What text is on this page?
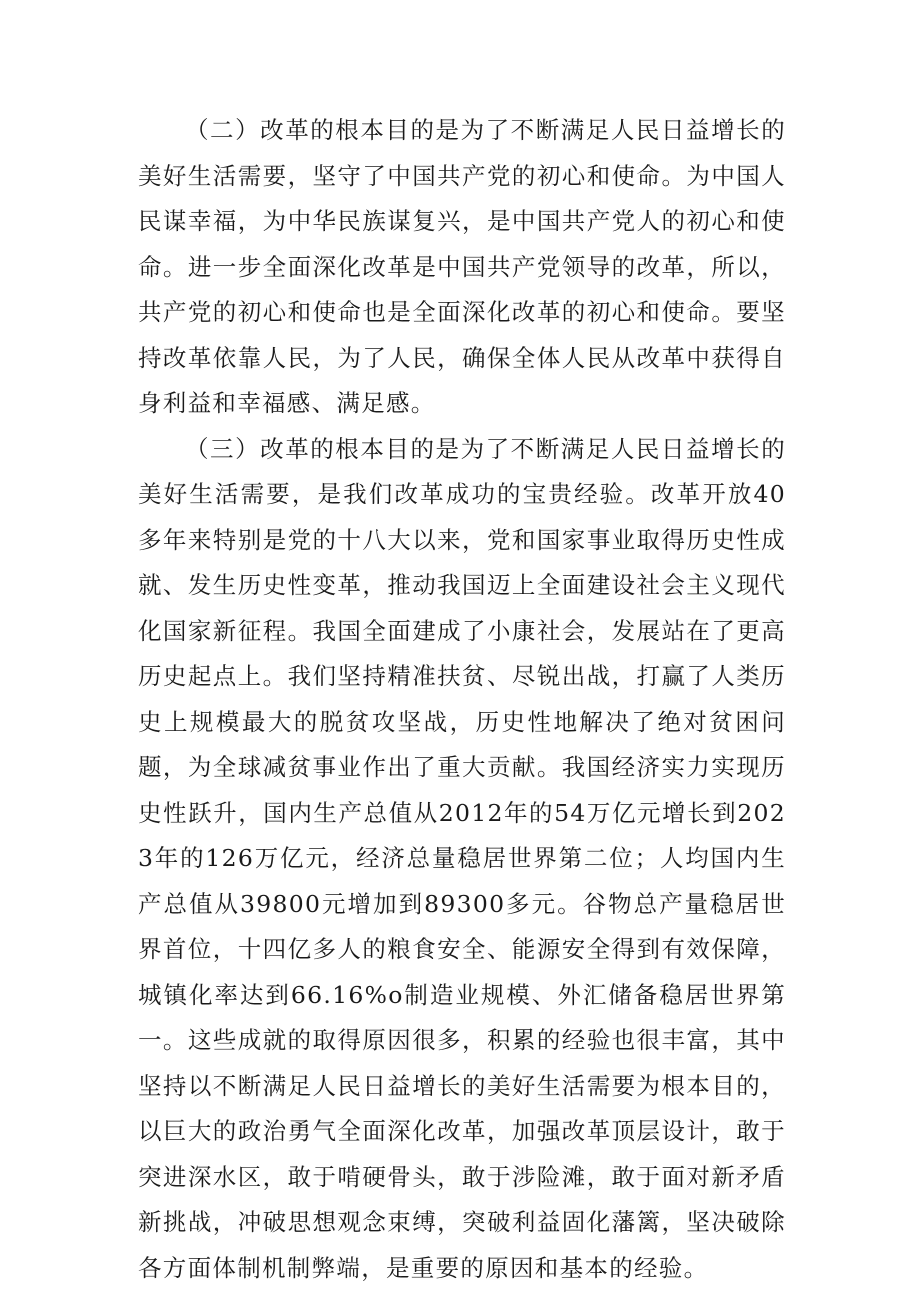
（二）改革的根本目的是为了不断满足人民日益增长的美好生活需要，坚守了中国共产党的初心和使命。为中国人民谋幸福，为中华民族谋复兴，是中国共产党人的初心和使命。进一步全面深化改革是中国共产党领导的改革，所以，共产党的初心和使命也是全面深化改革的初心和使命。要坚持改革依靠人民，为了人民，确保全体人民从改革中获得自身利益和幸福感、满足感。

（三）改革的根本目的是为了不断满足人民日益增长的美好生活需要，是我们改革成功的宝贵经验。改革开放40多年来特别是党的十八大以来，党和国家事业取得历史性成就、发生历史性变革，推动我国迈上全面建设社会主义现代化国家新征程。我国全面建成了小康社会，发展站在了更高历史起点上。我们坚持精准扶贫、尽锐出战，打赢了人类历史上规模最大的脱贫攻坚战，历史性地解决了绝对贫困问题，为全球减贫事业作出了重大贡献。我国经济实力实现历史性跃升，国内生产总值从2012年的54万亿元增长到2023年的126万亿元，经济总量稳居世界第二位；人均国内生产总值从39800元增加到89300多元。谷物总产量稳居世界首位，十四亿多人的粮食安全、能源安全得到有效保障，城镇化率达到66.16%o制造业规模、外汇储备稳居世界第一。这些成就的取得原因很多，积累的经验也很丰富，其中坚持以不断满足人民日益增长的美好生活需要为根本目的，以巨大的政治勇气全面深化改革，加强改革顶层设计，敢于突进深水区，敢于啃硬骨头，敢于涉险滩，敢于面对新矛盾新挑战，冲破思想观念束缚，突破利益固化藩篱，坚决破除各方面体制机制弊端，是重要的原因和基本的经验。
